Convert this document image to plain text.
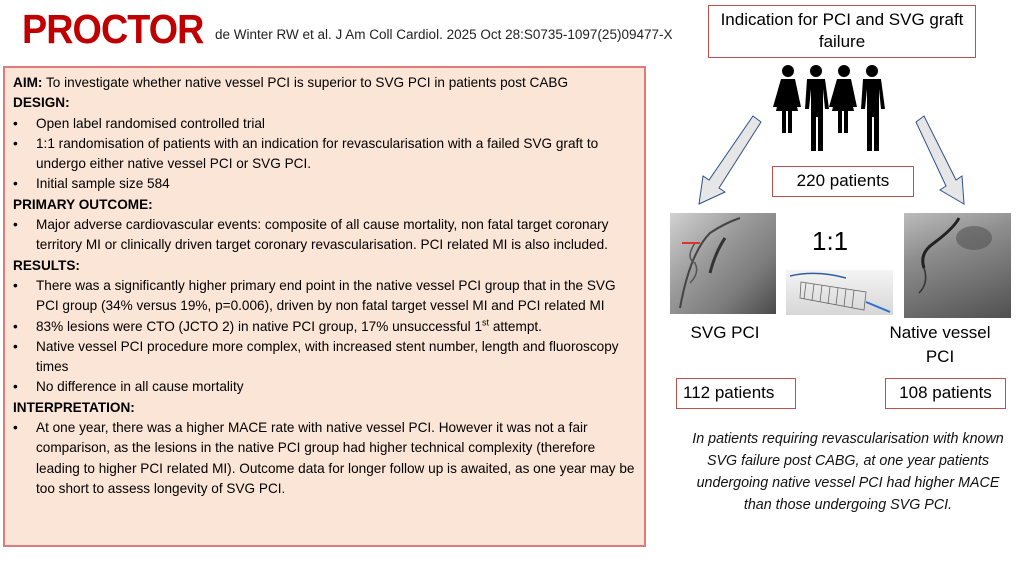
PROCTOR de Winter RW et al. J Am Coll Cardiol. 2025 Oct 28:S0735-1097(25)09477-X
AIM: To investigate whether native vessel PCI is superior to SVG PCI in patients post CABG
DESIGN:
• Open label randomised controlled trial
• 1:1 randomisation of patients with an indication for revascularisation with a failed SVG graft to undergo either native vessel PCI or SVG PCI.
• Initial sample size 584
PRIMARY OUTCOME:
• Major adverse cardiovascular events: composite of all cause mortality, non fatal target coronary territory MI or clinically driven target coronary revascularisation. PCI related MI is also included.
RESULTS:
• There was a significantly higher primary end point in the native vessel PCI group that in the SVG PCI group (34% versus 19%, p=0.006), driven by non fatal target vessel MI and PCI related MI
• 83% lesions were CTO (JCTO 2) in native PCI group, 17% unsuccessful 1st attempt.
• Native vessel PCI procedure more complex, with increased stent number, length and fluoroscopy times
• No difference in all cause mortality
INTERPRETATION:
• At one year, there was a higher MACE rate with native vessel PCI. However it was not a fair comparison, as the lesions in the native PCI group had higher technical complexity (therefore leading to higher PCI related MI). Outcome data for longer follow up is awaited, as one year may be too short to assess longevity of SVG PCI.
Indication for PCI and SVG graft failure
220 patients
1:1
SVG PCI	Native vessel PCI
112 patients	108 patients
In patients requiring revascularisation with known SVG failure post CABG, at one year patients undergoing native vessel PCI had higher MACE than those undergoing SVG PCI.
